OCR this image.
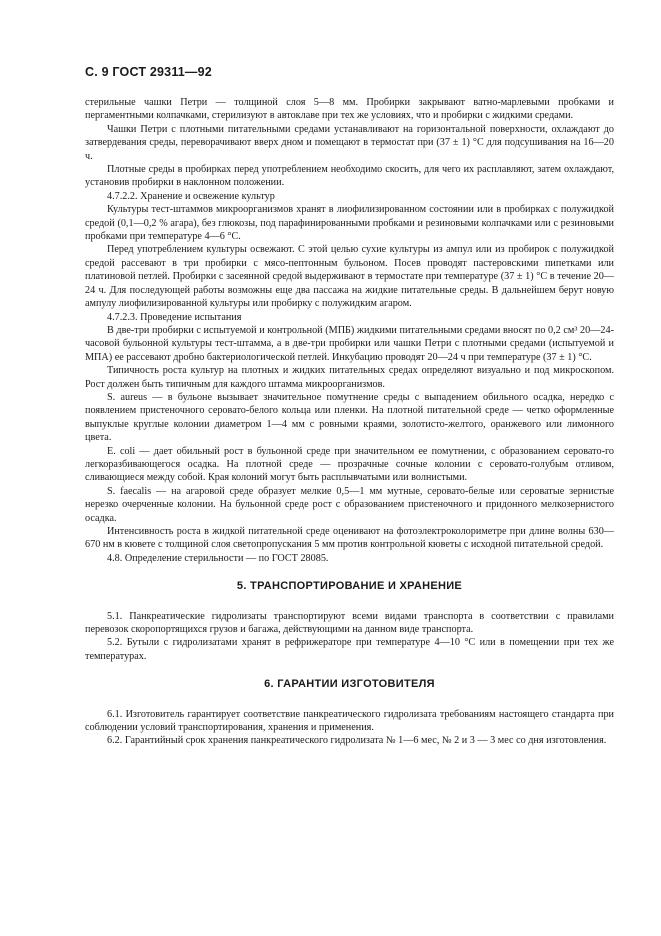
С. 9 ГОСТ 29311—92

стерильные чашки Петри — толщиной слоя 5—8 мм. Пробирки закрывают ватно-марлевыми пробками и пергаментными колпачками, стерилизуют в автоклаве при тех же условиях, что и пробирки с жидкими средами.

Чашки Петри с плотными питательными средами устанавливают на горизонтальной поверхности, охлаждают до затвердевания среды, переворачивают вверх дном и помещают в термостат при (37 ± 1) °С для подсушивания на 16—20 ч.

Плотные среды в пробирках перед употреблением необходимо скосить, для чего их расплавляют, затем охлаждают, установив пробирки в наклонном положении.

4.7.2.2. Хранение и освежение культур

Культуры тест-штаммов микроорганизмов хранят в лиофилизированном состоянии или в пробирках с полужидкой средой (0,1—0,2 % агара), без глюкозы, под парафинированными пробками и резиновыми колпачками или с резиновыми пробками при температуре 4—6 °С.

Перед употреблением культуры освежают. С этой целью сухие культуры из ампул или из пробирок с полужидкой средой рассевают в три пробирки с мясо-пептонным бульоном. Посев проводят пастеровскими пипетками или платиновой петлей. Пробирки с засеянной средой выдерживают в термостате при температуре (37 ± 1) °С в течение 20—24 ч. Для последующей работы возможны еще два пассажа на жидкие питательные среды. В дальнейшем берут новую ампулу лиофилизированной культуры или пробирку с полужидким агаром.

4.7.2.3. Проведение испытания

В две-три пробирки с испытуемой и контрольной (МПБ) жидкими питательными средами вносят по 0,2 см³ 20—24-часовой бульонной культуры тест-штамма, а в две-три пробирки или чашки Петри с плотными средами (испытуемой и МПА) ее рассевают дробно бактериологической петлей. Инкубацию проводят 20—24 ч при температуре (37 ± 1) °С.

Типичность роста культур на плотных и жидких питательных средах определяют визуально и под микроскопом. Рост должен быть типичным для каждого штамма микроорганизмов.

S. aureus — в бульоне вызывает значительное помутнение среды с выпадением обильного осадка, нередко с появлением пристеночного серовато-белого кольца или пленки. На плотной питательной среде — четко оформленные выпуклые круглые колонии диаметром 1—4 мм с ровными краями, золотисто-желтого, оранжевого или лимонного цвета.

E. coli — дает обильный рост в бульонной среде при значительном ее помутнении, с образованием серовато-го легкоразбивающегося осадка. На плотной среде — прозрачные сочные колонии с серовато-голубым отливом, сливающиеся между собой. Края колоний могут быть расплывчатыми или волнистыми.

S. faecalis — на агаровой среде образует мелкие 0,5—1 мм мутные, серовато-белые или сероватые зернистые нерезко очерченные колонии. На бульонной среде рост с образованием пристеночного и придонного мелкозернистого осадка.

Интенсивность роста в жидкой питательной среде оценивают на фотоэлектроколориметре при длине волны 630—670 нм в кювете с толщиной слоя светопропускания 5 мм против контрольной кюветы с исходной питательной средой.

4.8. Определение стерильности — по ГОСТ 28085.

5. ТРАНСПОРТИРОВАНИЕ И ХРАНЕНИЕ

5.1. Панкреатические гидролизаты транспортируют всеми видами транспорта в соответствии с правилами перевозок скоропортящихся грузов и багажа, действующими на данном виде транспорта.

5.2. Бутыли с гидролизатами хранят в рефрижераторе при температуре 4—10 °С или в помещении при тех же температурах.

6. ГАРАНТИИ ИЗГОТОВИТЕЛЯ

6.1. Изготовитель гарантирует соответствие панкреатического гидролизата требованиям настоящего стандарта при соблюдении условий транспортирования, хранения и применения.

6.2. Гарантийный срок хранения панкреатического гидролизата № 1—6 мес, № 2 и 3 — 3 мес со дня изготовления.
